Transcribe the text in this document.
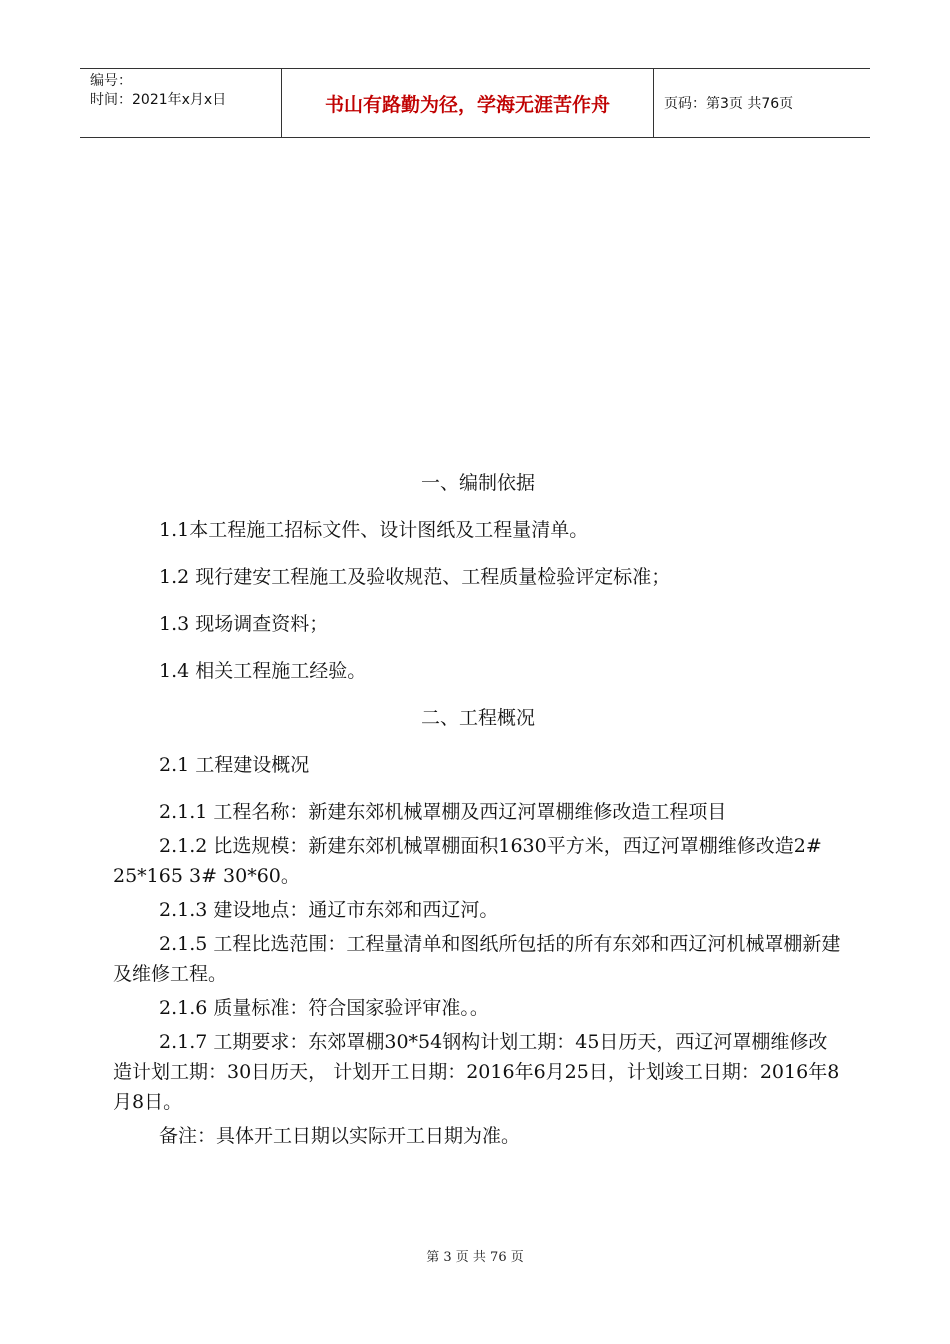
编号：
时间：2021年x月x日	书山有路勤为径，学海无涯苦作舟	页码：第3页 共76页
一、编制依据

1.1本工程施工招标文件、设计图纸及工程量清单。

1.2 现行建安工程施工及验收规范、工程质量检验评定标准；

1.3 现场调查资料；

1.4 相关工程施工经验。

二、工程概况

2.1 工程建设概况

2.1.1 工程名称：新建东郊机械罩棚及西辽河罩棚维修改造工程项目

2.1.2 比选规模：新建东郊机械罩棚面积1630平方米，西辽河罩棚维修改造2# 25*165 3# 30*60。

2.1.3 建设地点：通辽市东郊和西辽河。

2.1.5 工程比选范围：工程量清单和图纸所包括的所有东郊和西辽河机械罩棚新建及维修工程。

2.1.6 质量标准：符合国家验评审准。。

2.1.7 工期要求：东郊罩棚30*54钢构计划工期：45日历天，西辽河罩棚维修改造计划工期：30日历天， 计划开工日期：2016年6月25日，计划竣工日期：2016年8月8日。

备注：具体开工日期以实际开工日期为准。

第 3 页 共 76 页
